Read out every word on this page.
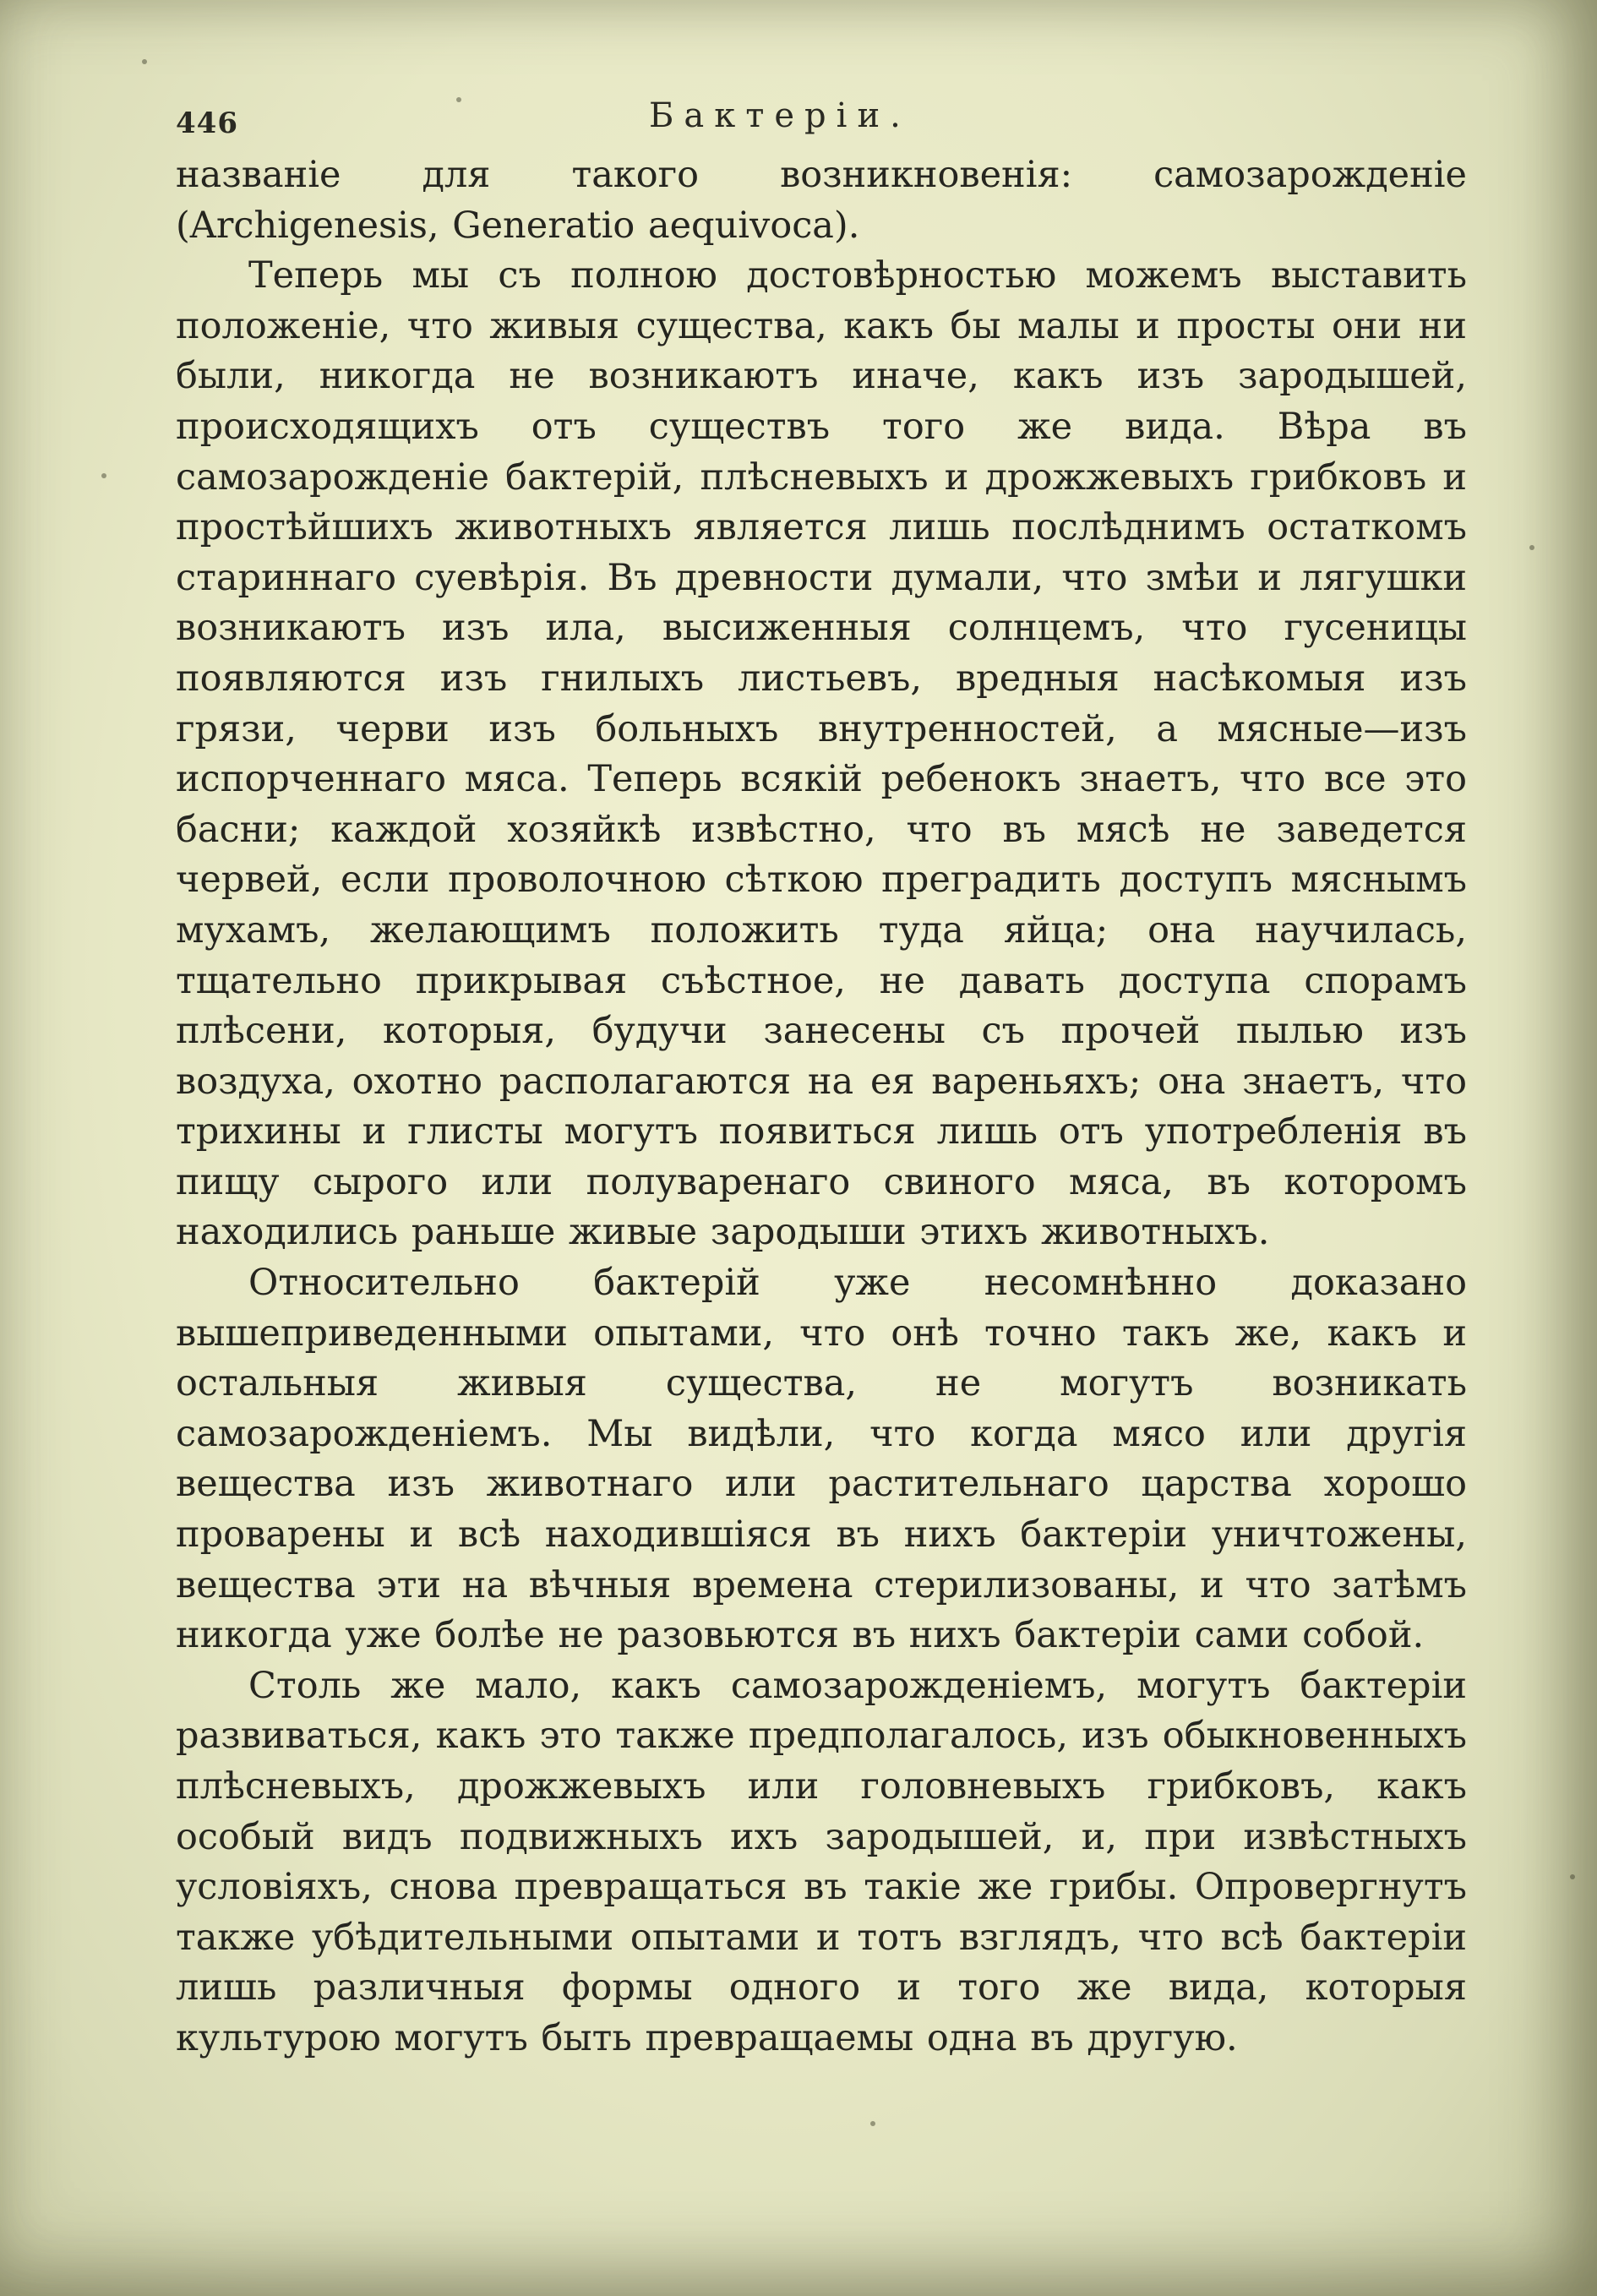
446	Бактеріи.

названіе для такого возникновенія: самозарожденіе (Archigenesis, Generatio aequivoca).

Теперь мы съ полною достовѣрностью можемъ выставить положеніе, что живыя существа, какъ бы малы и просты они ни были, никогда не возникаютъ иначе, какъ изъ зародышей, происходящихъ отъ существъ того же вида. Вѣра въ самозарожденіе бактерій, плѣсневыхъ и дрожжевыхъ грибковъ и простѣйшихъ животныхъ является лишь послѣднимъ остаткомъ стариннаго суевѣрія. Въ древности думали, что змѣи и лягушки возникаютъ изъ ила, высиженныя солнцемъ, что гусеницы появляются изъ гнилыхъ листьевъ, вредныя насѣкомыя изъ грязи, черви изъ больныхъ внутренностей, а мясные—изъ испорченнаго мяса. Теперь всякій ребенокъ знаетъ, что все это басни; каждой хозяйкѣ извѣстно, что въ мясѣ не заведется червей, если проволочною сѣткою преградить доступъ мяснымъ мухамъ, желающимъ положить туда яйца; она научилась, тщательно прикрывая съѣстное, не давать доступа спорамъ плѣсени, которыя, будучи занесены съ прочей пылью изъ воздуха, охотно располагаются на ея вареньяхъ; она знаетъ, что трихины и глисты могутъ появиться лишь отъ употребленія въ пищу сырого или полуваренаго свиного мяса, въ которомъ находились раньше живые зародыши этихъ животныхъ.

Относительно бактерій уже несомнѣнно доказано вышеприведенными опытами, что онѣ точно такъ же, какъ и остальныя живыя существа, не могутъ возникать самозарожденіемъ. Мы видѣли, что когда мясо или другія вещества изъ животнаго или растительнаго царства хорошо проварены и всѣ находившіяся въ нихъ бактеріи уничтожены, вещества эти на вѣчныя времена стерилизованы, и что затѣмъ никогда уже болѣе не разовьются въ нихъ бактеріи сами собой.

Столь же мало, какъ самозарожденіемъ, могутъ бактеріи развиваться, какъ это также предполагалось, изъ обыкновенныхъ плѣсневыхъ, дрожжевыхъ или головневыхъ грибковъ, какъ особый видъ подвижныхъ ихъ зародышей, и, при извѣстныхъ условіяхъ, снова превращаться въ такіе же грибы. Опровергнутъ также убѣдительными опытами и тотъ взглядъ, что всѣ бактеріи лишь различныя формы одного и того же вида, которыя культурою могутъ быть превращаемы одна въ другую.
